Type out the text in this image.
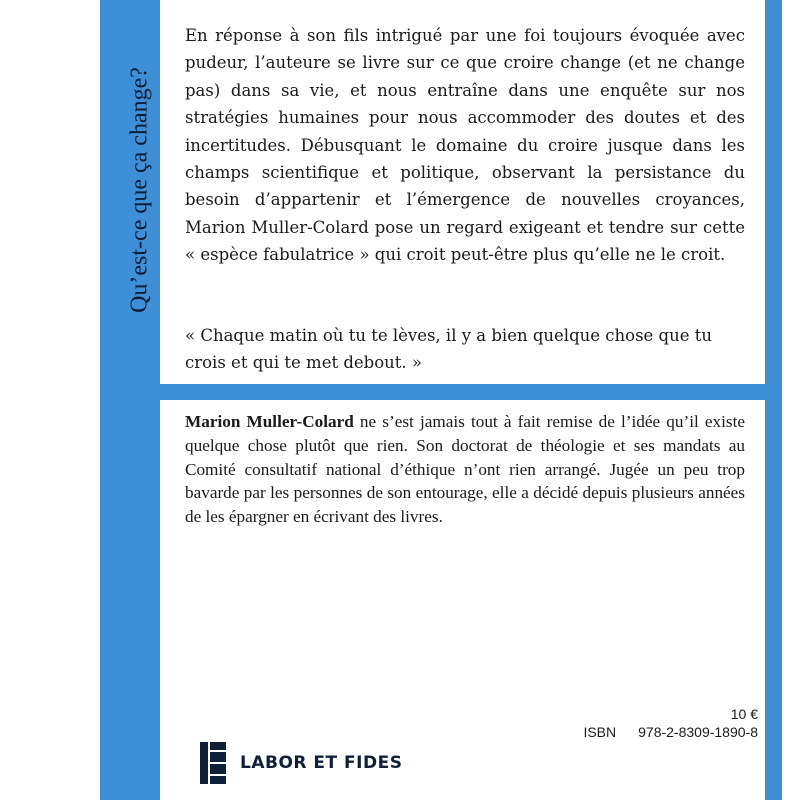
Qu’est-ce que ça change?

En réponse à son fils intrigué par une foi toujours évoquée avec pudeur, l’auteure se livre sur ce que croire change (et ne change pas) dans sa vie, et nous entraîne dans une enquête sur nos stratégies humaines pour nous accommoder des doutes et des incertitudes. Débusquant le domaine du croire jusque dans les champs scientifique et politique, observant la persistance du besoin d’appartenir et l’émergence de nouvelles croyances, Marion Muller-Colard pose un regard exigeant et tendre sur cette « espèce fabulatrice » qui croit peut-être plus qu’elle ne le croit.

« Chaque matin où tu te lèves, il y a bien quelque chose que tu crois et qui te met debout. »

Marion Muller-Colard ne s’est jamais tout à fait remise de l’idée qu’il existe quelque chose plutôt que rien. Son doctorat de théologie et ses mandats au Comité consultatif national d’éthique n’ont rien arrangé. Jugée un peu trop bavarde par les personnes de son entourage, elle a décidé depuis plusieurs années de les épargner en écrivant des livres.

10 €
ISBN 978-2-8309-1890-8
LABOR ET FIDES
